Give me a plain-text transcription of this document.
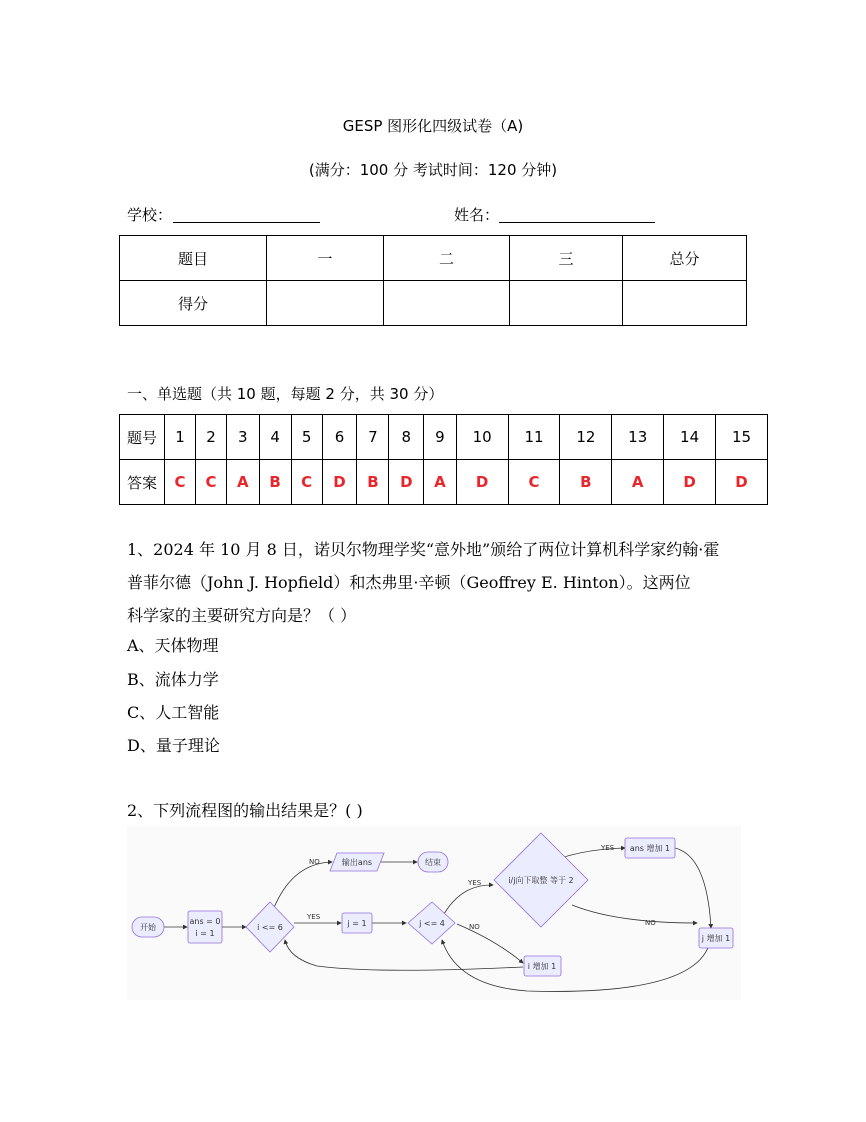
GESP 图形化四级试卷（A)
(满分：100 分 考试时间：120 分钟)
学校：	姓名：
题目	一	二	三	总分
得分				
一、单选题（共 10 题，每题 2 分，共 30 分）
题号	1	2	3	4	5	6	7	8	9	10	11	12	13	14	15
答案	C	C	A	B	C	D	B	D	A	D	C	B	A	D	D
1、2024 年 10 月 8 日，诺贝尔物理学奖“意外地”颁给了两位计算机科学家约翰·霍
普菲尔德（John J. Hopfield）和杰弗里·辛顿（Geoffrey E. Hinton）。这两位
科学家的主要研究方向是？（ ）
A、天体物理
B、流体力学
C、人工智能
D、量子理论
2、下列流程图的输出结果是？( )
YES
YES
YES
NO
NO
NO
开始
ans = 0
i = 1
i <= 6	j = 1	j <= 4
i/j向下取整 等于 2
ans 增加 1
j 增加 1
i 增加 1
输出ans	结束
